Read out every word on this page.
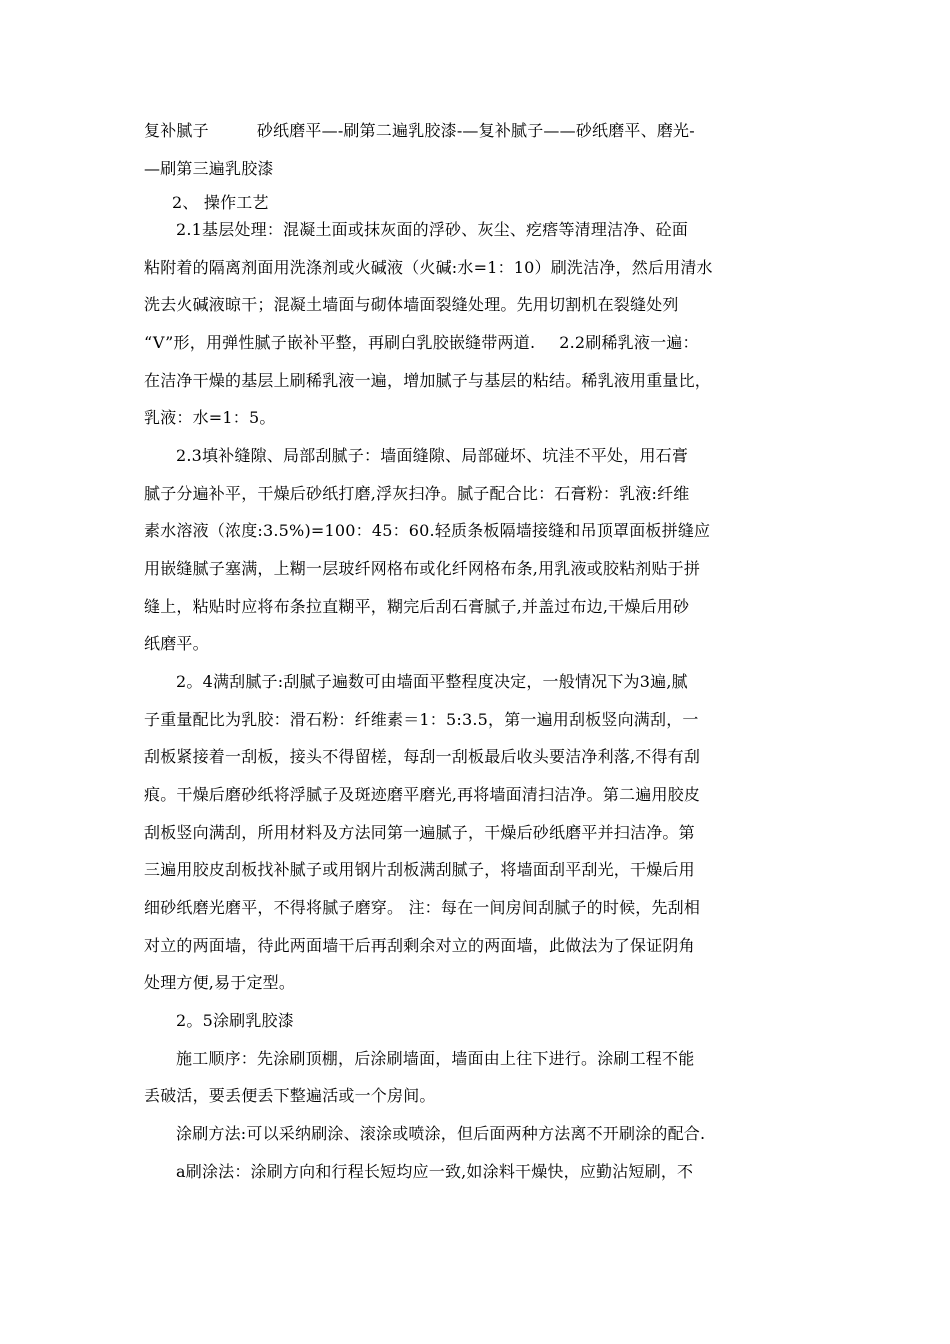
复补腻子	砂纸磨平—-刷第二遍乳胶漆-—复补腻子——砂纸磨平、磨光-
—刷第三遍乳胶漆
2、 操作工艺
2.1基层处理：混凝土面或抹灰面的浮砂、灰尘、疙瘩等清理洁净、砼面
粘附着的隔离剂面用洗涤剂或火碱液（火碱:水=1：10）刷洗洁净，然后用清水
洗去火碱液晾干；混凝土墙面与砌体墙面裂缝处理。先用切割机在裂缝处列
“V”形，用弹性腻子嵌补平整，再刷白乳胶嵌缝带两道. 2.2刷稀乳液一遍：
在洁净干燥的基层上刷稀乳液一遍，增加腻子与基层的粘结。稀乳液用重量比，
乳液：水=1：5。
2.3填补缝隙、局部刮腻子：墙面缝隙、局部碰坏、坑洼不平处，用石膏
腻子分遍补平，干燥后砂纸打磨,浮灰扫净。腻子配合比：石膏粉：乳液:纤维
素水溶液（浓度:3.5%)=100：45：60.轻质条板隔墙接缝和吊顶罩面板拼缝应
用嵌缝腻子塞满，上糊一层玻纤网格布或化纤网格布条,用乳液或胶粘剂贴于拼
缝上，粘贴时应将布条拉直糊平，糊完后刮石膏腻子,并盖过布边,干燥后用砂
纸磨平。
2。4满刮腻子:刮腻子遍数可由墙面平整程度决定，一般情况下为3遍,腻
子重量配比为乳胶：滑石粉：纤维素＝1：5:3.5，第一遍用刮板竖向满刮，一
刮板紧接着一刮板，接头不得留槎，每刮一刮板最后收头要洁净利落,不得有刮
痕。干燥后磨砂纸将浮腻子及斑迹磨平磨光,再将墙面清扫洁净。第二遍用胶皮
刮板竖向满刮，所用材料及方法同第一遍腻子，干燥后砂纸磨平并扫洁净。第
三遍用胶皮刮板找补腻子或用钢片刮板满刮腻子，将墙面刮平刮光，干燥后用
细砂纸磨光磨平，不得将腻子磨穿。 注：每在一间房间刮腻子的时候，先刮相
对立的两面墙，待此两面墙干后再刮剩余对立的两面墙，此做法为了保证阴角
处理方便,易于定型。
2。5涂刷乳胶漆
施工顺序：先涂刷顶棚，后涂刷墙面，墙面由上往下进行。涂刷工程不能
丢破活，要丢便丢下整遍活或一个房间。
涂刷方法:可以采纳刷涂、滚涂或喷涂，但后面两种方法离不开刷涂的配合.
a刷涂法：涂刷方向和行程长短均应一致,如涂料干燥快，应勤沾短刷，不
